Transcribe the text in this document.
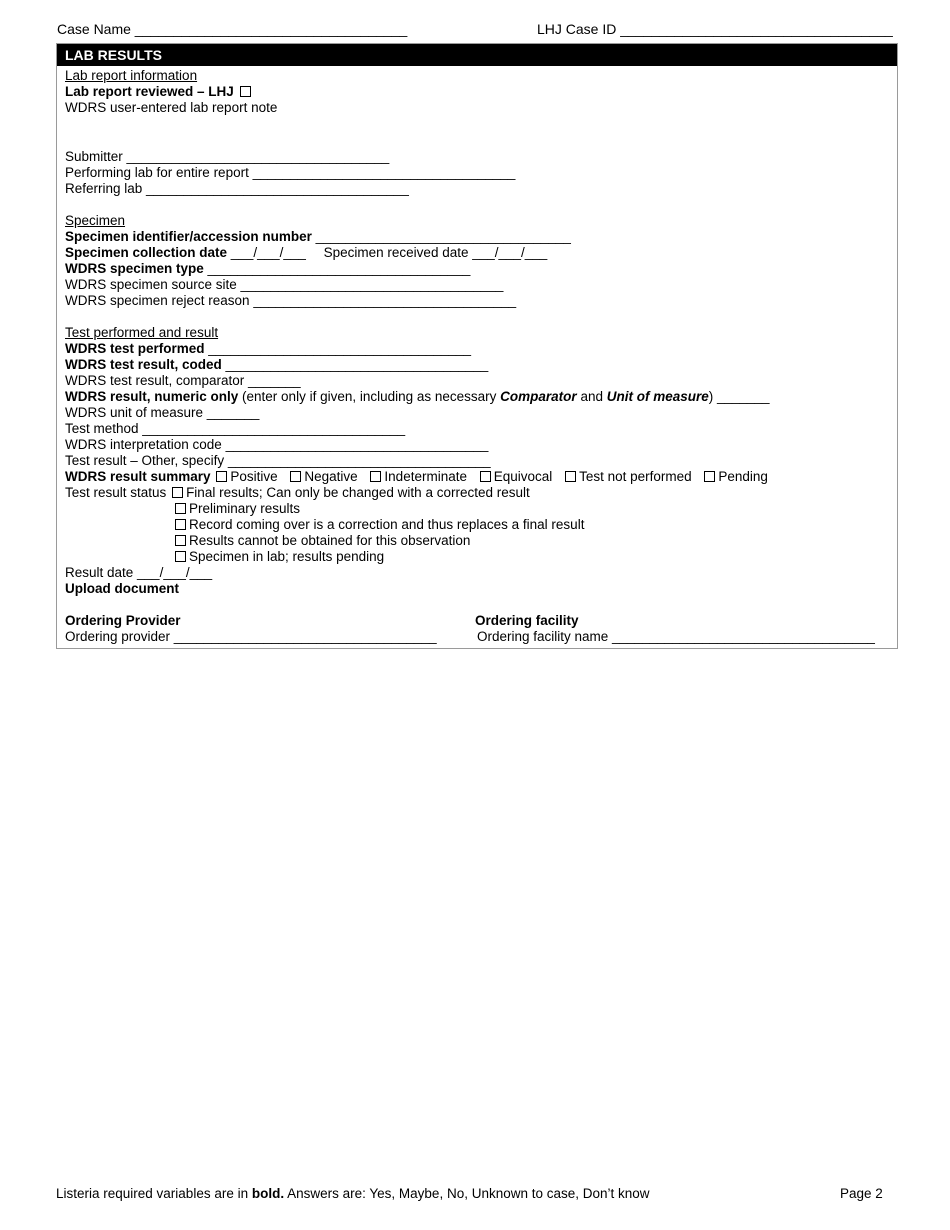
Case Name ___________________________________	LHJ Case ID ___________________________________
LAB RESULTS
Lab report information
Lab report reviewed – LHJ
WDRS user-entered lab report note
Submitter ___________________________________
Performing lab for entire report ___________________________________
Referring lab ___________________________________
Specimen
Specimen identifier/accession number __________________________________
Specimen collection date ___/___/___ Specimen received date ___/___/___
WDRS specimen type ___________________________________
WDRS specimen source site ___________________________________
WDRS specimen reject reason ___________________________________
Test performed and result
WDRS test performed ___________________________________
WDRS test result, coded ___________________________________
WDRS test result, comparator _______
WDRS result, numeric only (enter only if given, including as necessary Comparator and Unit of measure) _______
WDRS unit of measure _______
Test method ___________________________________
WDRS interpretation code ___________________________________
Test result – Other, specify ___________________________________
WDRS result summary Positive Negative Indeterminate Equivocal Test not performed Pending
Test result status Final results; Can only be changed with a corrected result
Preliminary results
Record coming over is a correction and thus replaces a final result
Results cannot be obtained for this observation
Specimen in lab; results pending
Result date ___/___/___
Upload document
Ordering Provider
Ordering provider ___________________________________
Ordering facility
Ordering facility name ___________________________________
Listeria required variables are in bold. Answers are: Yes, Maybe, No, Unknown to case, Don’t know	Page 2
